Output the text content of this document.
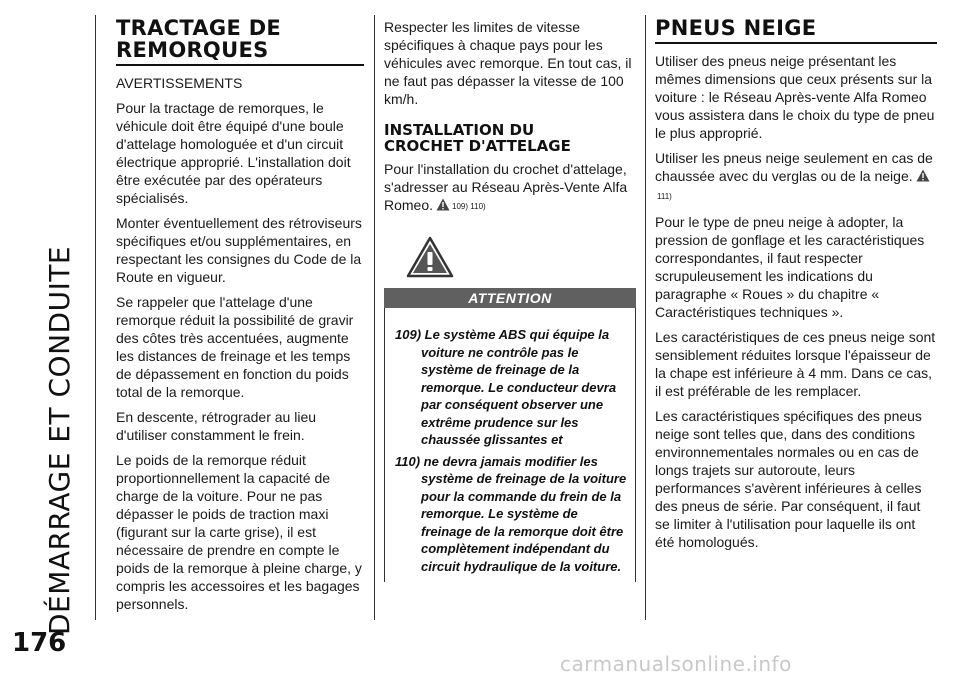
DÉMARRAGE ET CONDUITE
176
carmanualsonline.info
TRACTAGE DE
REMORQUES

AVERTISSEMENTS

Pour la tractage de remorques, le véhicule doit être équipé d'une boule d'attelage homologuée et d'un circuit électrique approprié. L'installation doit être exécutée par des opérateurs spécialisés.

Monter éventuellement des rétroviseurs spécifiques et/ou supplémentaires, en respectant les consignes du Code de la Route en vigueur.

Se rappeler que l'attelage d'une remorque réduit la possibilité de gravir des côtes très accentuées, augmente les distances de freinage et les temps de dépassement en fonction du poids total de la remorque.

En descente, rétrograder au lieu d'utiliser constamment le frein.

Le poids de la remorque réduit proportionnellement la capacité de charge de la voiture. Pour ne pas dépasser le poids de traction maxi (figurant sur la carte grise), il est nécessaire de prendre en compte le poids de la remorque à pleine charge, y compris les accessoires et les bagages personnels.

Respecter les limites de vitesse spécifiques à chaque pays pour les véhicules avec remorque. En tout cas, il ne faut pas dépasser la vitesse de 100 km/h.

INSTALLATION DU
CROCHET D'ATTELAGE

Pour l'installation du crochet d'attelage, s'adresser au Réseau Après-Vente Alfa Romeo. 109) 110)

ATTENTION

109) Le système ABS qui équipe la voiture ne contrôle pas le système de freinage de la remorque. Le conducteur devra par conséquent observer une extrême prudence sur les chaussée glissantes et

110) ne devra jamais modifier les système de freinage de la voiture pour la commande du frein de la remorque. Le système de freinage de la remorque doit être complètement indépendant du circuit hydraulique de la voiture.

PNEUS NEIGE

Utiliser des pneus neige présentant les mêmes dimensions que ceux présents sur la voiture : le Réseau Après-vente Alfa Romeo vous assistera dans le choix du type de pneu le plus approprié.

Utiliser les pneus neige seulement en cas de chaussée avec du verglas ou de la neige.111)

Pour le type de pneu neige à adopter, la pression de gonflage et les caractéristiques correspondantes, il faut respecter scrupuleusement les indications du paragraphe « Roues » du chapitre « Caractéristiques techniques ».

Les caractéristiques de ces pneus neige sont sensiblement réduites lorsque l'épaisseur de la chape est inférieure à 4 mm. Dans ce cas, il est préférable de les remplacer.

Les caractéristiques spécifiques des pneus neige sont telles que, dans des conditions environnementales normales ou en cas de longs trajets sur autoroute, leurs performances s'avèrent inférieures à celles des pneus de série. Par conséquent, il faut se limiter à l'utilisation pour laquelle ils ont été homologués.
